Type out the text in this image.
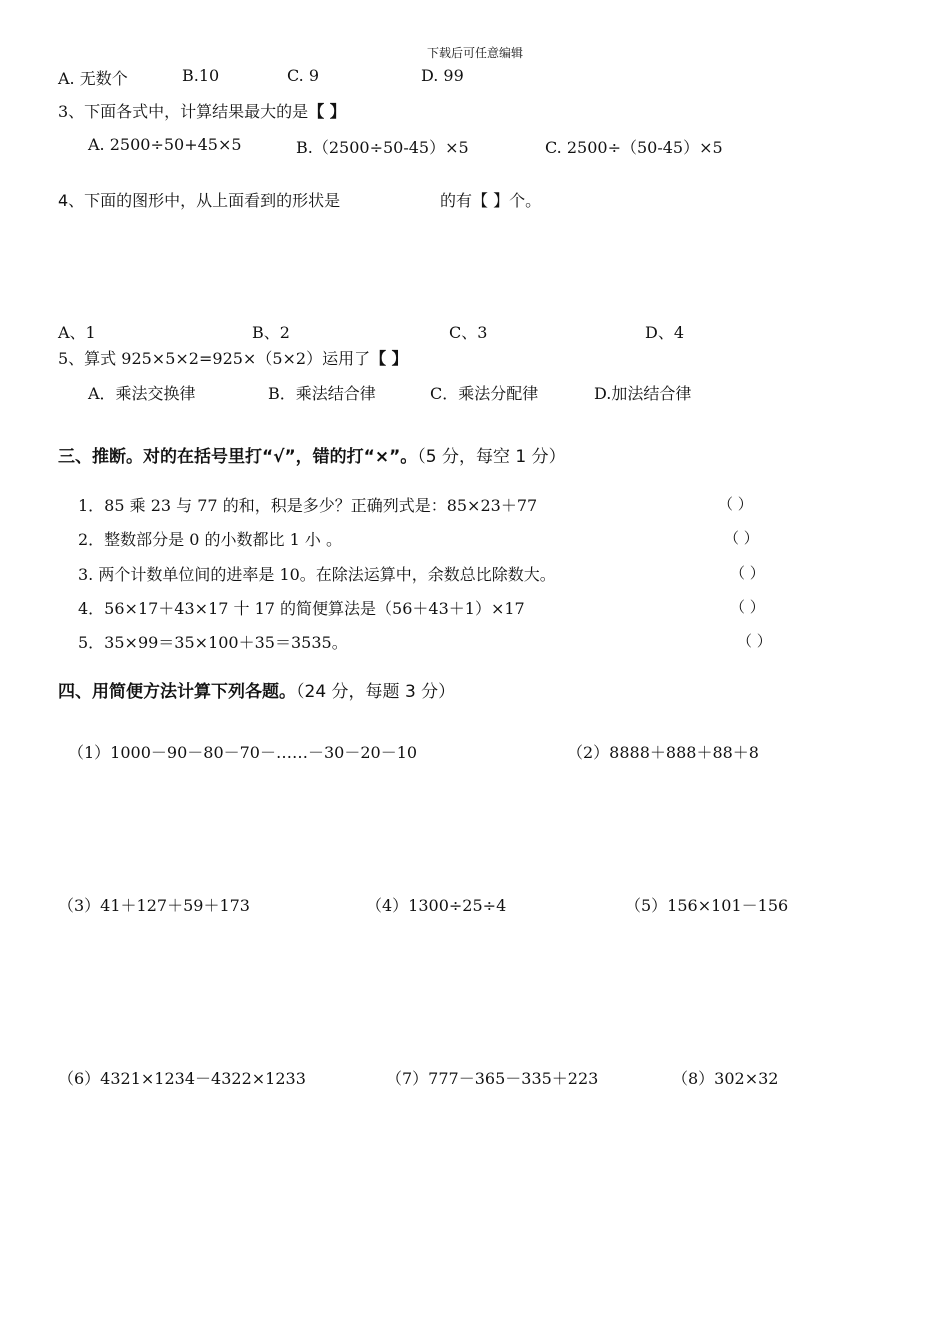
下载后可任意编辑
A. 无数个	B.10	C. 9	D. 99
3、下面各式中，计算结果最大的是【 】
A. 2500÷50+45×5	B.（2500÷50-45）×5	C. 2500÷（50-45）×5
4、下面的图形中，从上面看到的形状是	的有【 】个。
A、1	B、2	C、3	D、4
5、算式 925×5×2=925×（5×2）运用了【 】
A．乘法交换律	B．乘法结合律	C．乘法分配律	D.加法结合律
三、推断。对的在括号里打“√”，错的打“×”。（5 分，每空 1 分）
1．85 乘 23 与 77 的和，积是多少？正确列式是：85×23＋77	（ ）
2．整数部分是 0 的小数都比 1 小 。	（ ）
3. 两个计数单位间的进率是 10。在除法运算中，余数总比除数大。	（ ）
4．56×17＋43×17 十 17 的简便算法是（56＋43＋1）×17	（ ）
5．35×99＝35×100＋35＝3535。	（ ）
四、用简便方法计算下列各题。（24 分，每题 3 分）
（1）1000－90－80－70－……－30－20－10	（2）8888＋888＋88＋8
（3）41＋127＋59＋173	（4）1300÷25÷4	（5）156×101－156
（6）4321×1234－4322×1233	（7）777－365－335＋223	（8）302×32
